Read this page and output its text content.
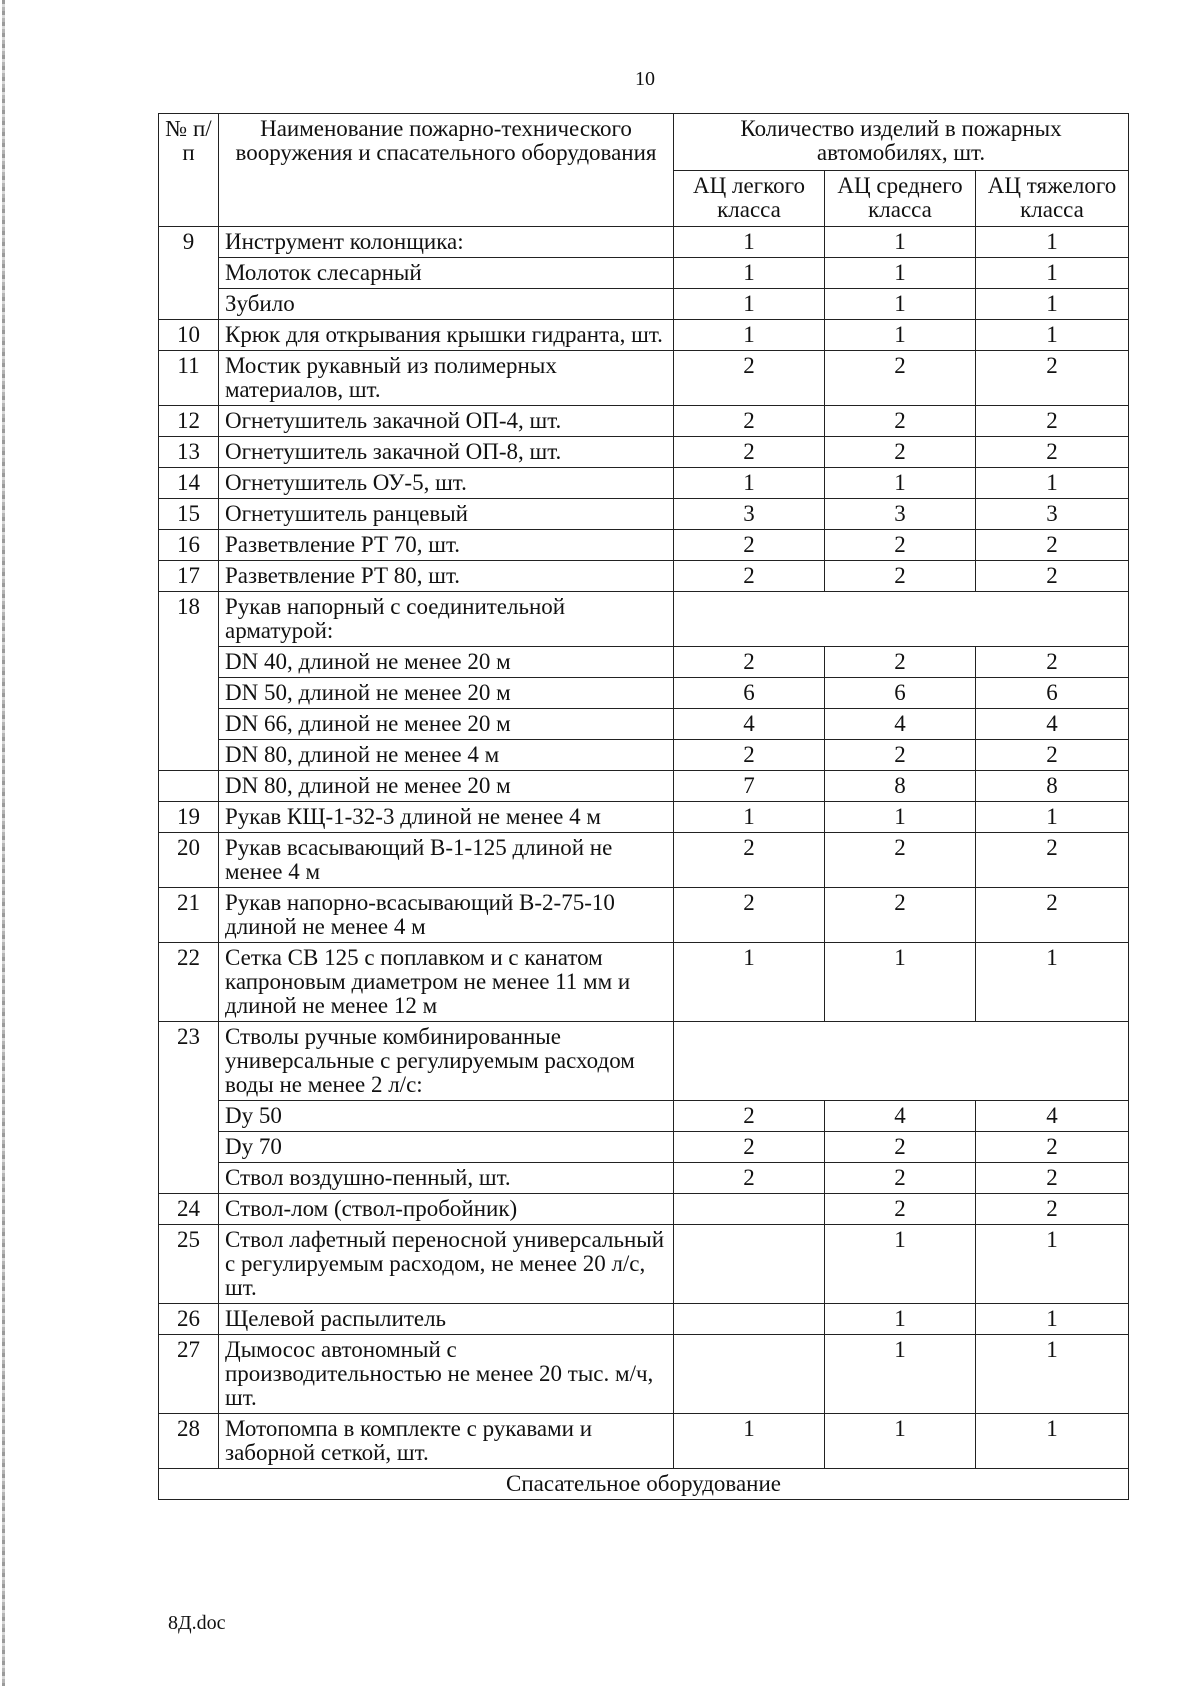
10
№ п/п	Наименование пожарно-технического вооружения и спасательного оборудования	Количество изделий в пожарных автомобилях, шт.		
		АЦ легкого класса	АЦ среднего класса	АЦ тяжелого класса
9	Инструмент колонщика:	1	1	1
	Молоток слесарный	1	1	1
	Зубило	1	1	1
10	Крюк для открывания крышки гидранта, шт.	1	1	1
11	Мостик рукавный из полимерных материалов, шт.	2	2	2
12	Огнетушитель закачной ОП-4, шт.	2	2	2
13	Огнетушитель закачной ОП-8, шт.	2	2	2
14	Огнетушитель ОУ-5, шт.	1	1	1
15	Огнетушитель ранцевый	3	3	3
16	Разветвление РТ 70, шт.	2	2	2
17	Разветвление РТ 80, шт.	2	2	2
18	Рукав напорный с соединительной арматурой:			
	DN 40, длиной не менее 20 м	2	2	2
	DN 50, длиной не менее 20 м	6	6	6
	DN 66, длиной не менее 20 м	4	4	4
	DN 80, длиной не менее 4 м	2	2	2
	DN 80, длиной не менее 20 м	7	8	8
19	Рукав КЩ-1-32-3 длиной не менее 4 м	1	1	1
20	Рукав всасывающий В-1-125 длиной не менее 4 м	2	2	2
21	Рукав напорно-всасывающий В-2-75-10 длиной не менее 4 м	2	2	2
22	Сетка СВ 125 с поплавком и с канатом капроновым диаметром не менее 11 мм и длиной не менее 12 м	1	1	1
23	Стволы ручные комбинированные универсальные с регулируемым расходом воды не менее 2 л/с:			
	Dy 50	2	4	4
	Dy 70	2	2	2
	Ствол воздушно-пенный, шт.	2	2	2
24	Ствол-лом (ствол-пробойник)		2	2
25	Ствол лафетный переносной универсальный с регулируемым расходом, не менее 20 л/с, шт.		1	1
26	Щелевой распылитель		1	1
27	Дымосос автономный с производительностью не менее 20 тыс. м/ч, шт.		1	1
28	Мотопомпа в комплекте с рукавами и заборной сеткой, шт.	1	1	1
Спасательное оборудование				
8Д.doc
